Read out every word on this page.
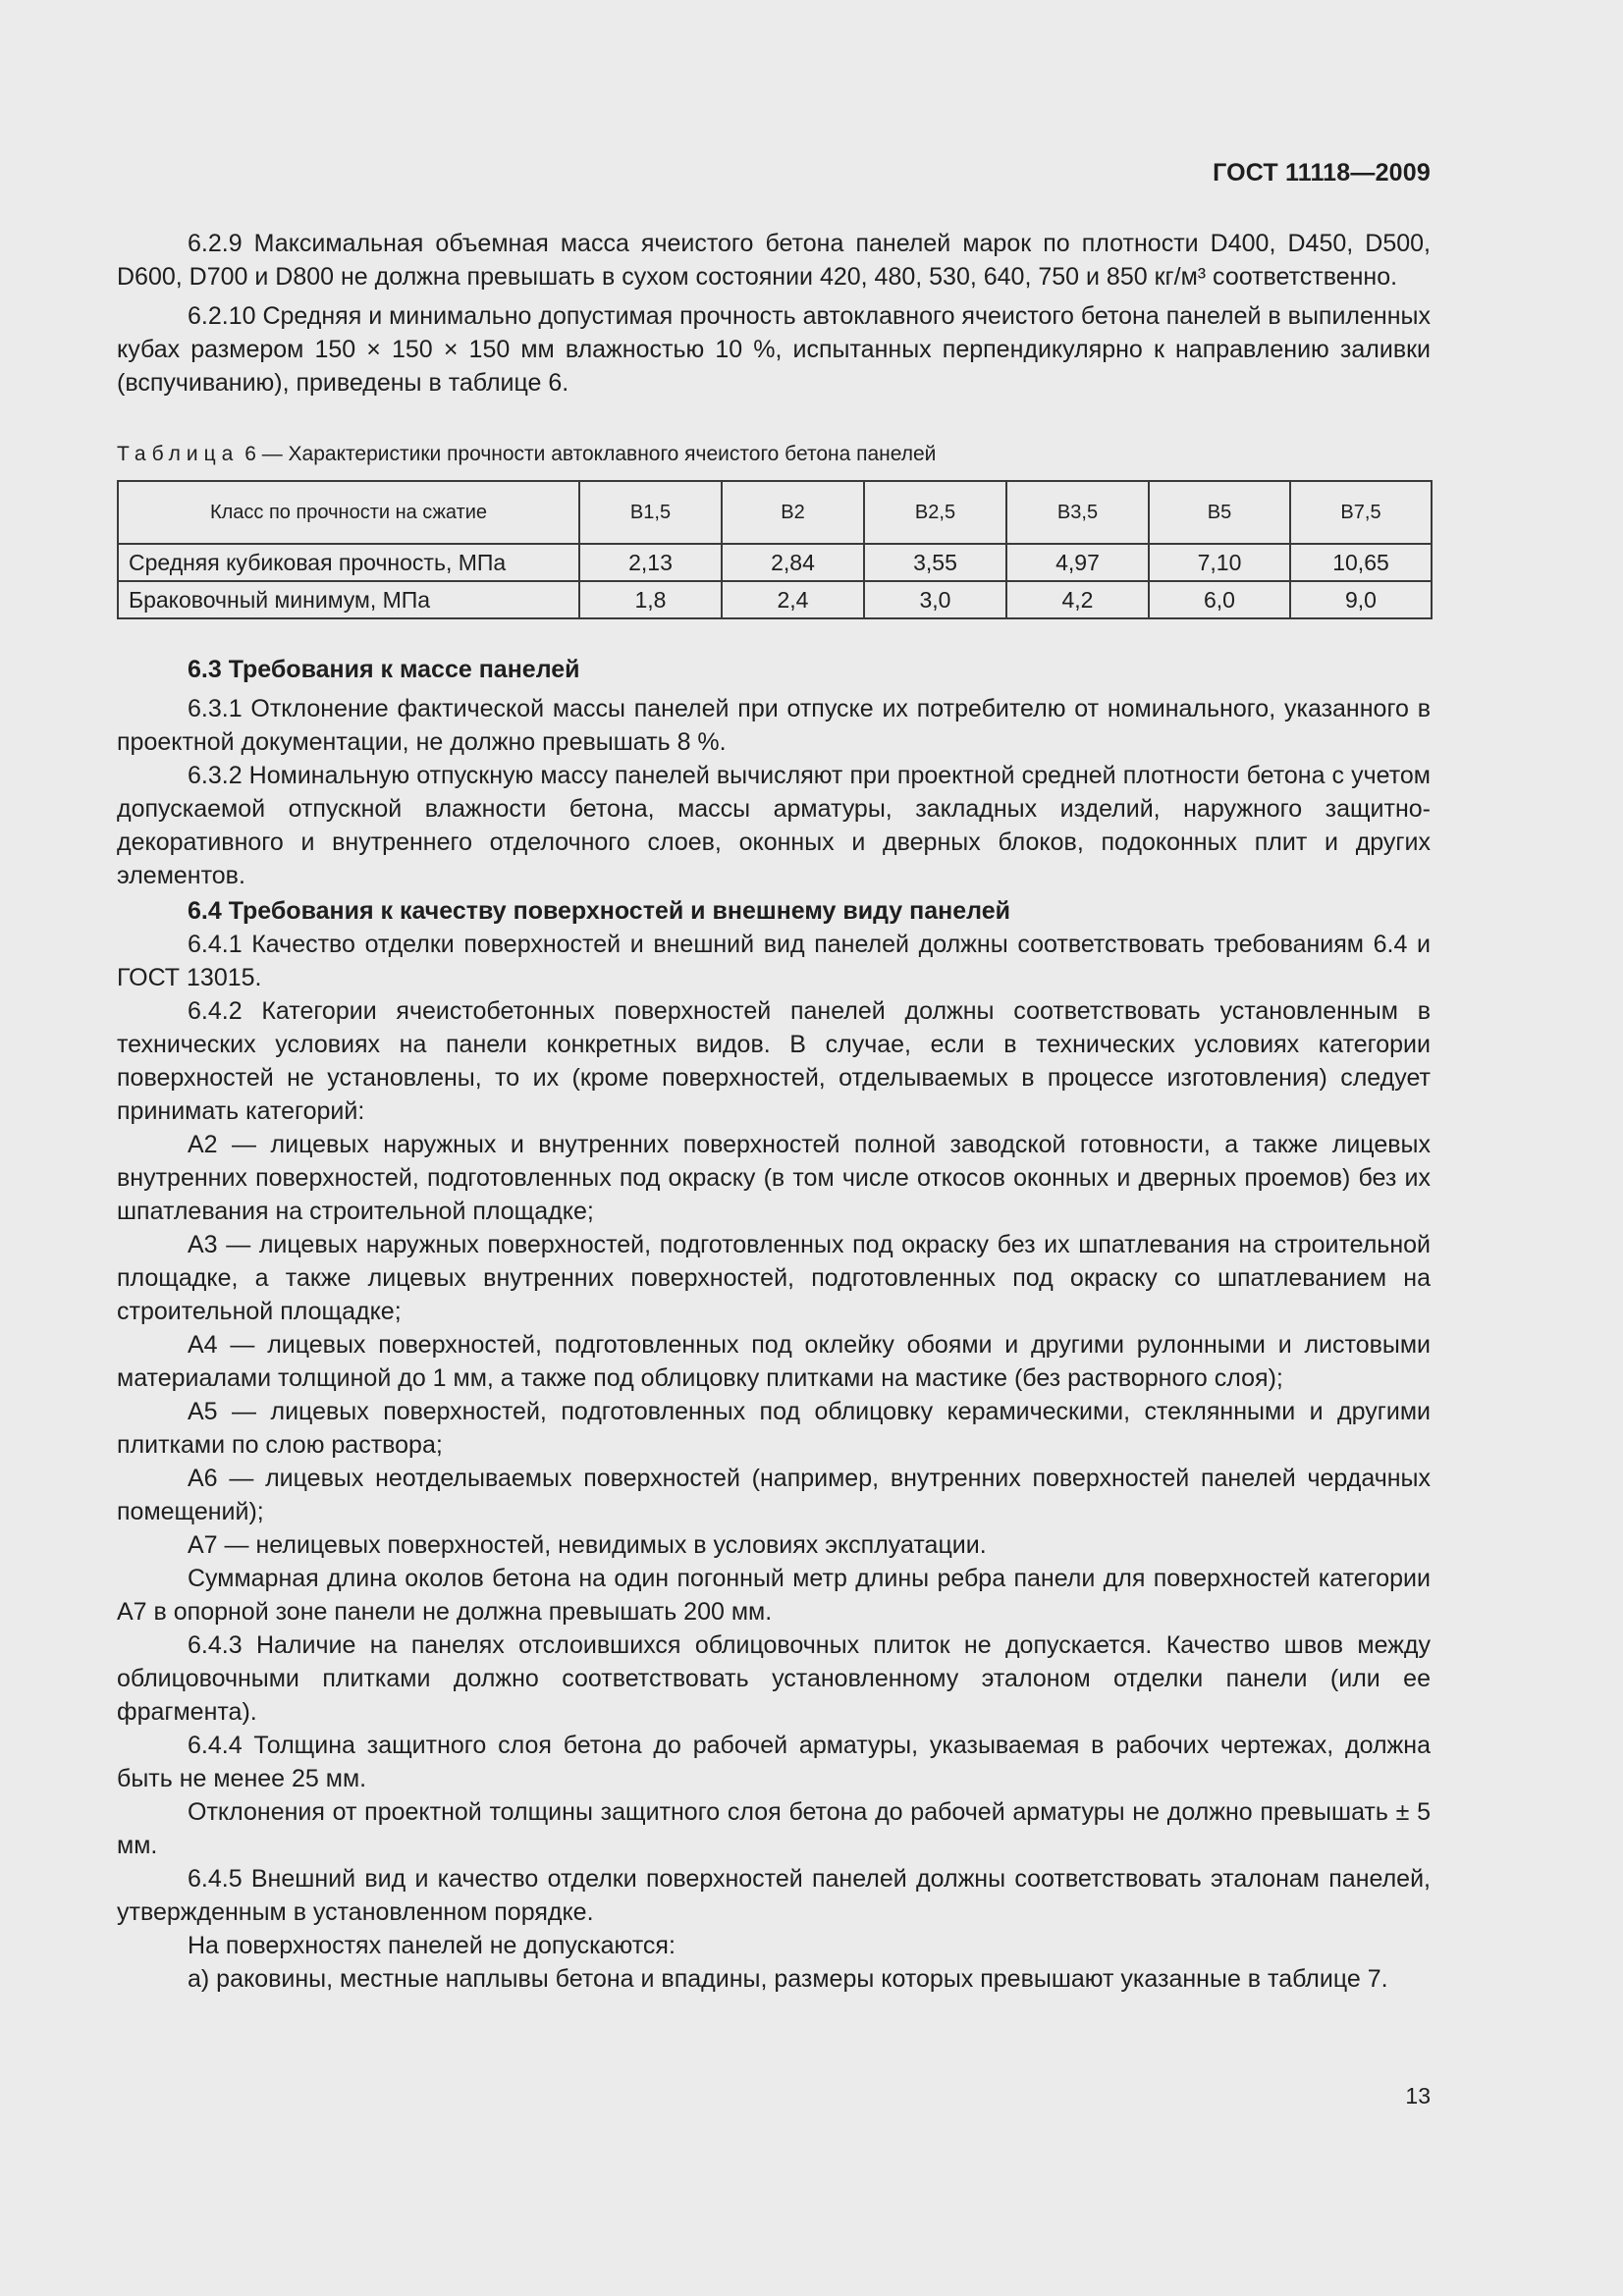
ГОСТ 11118—2009

6.2.9 Максимальная объемная масса ячеистого бетона панелей марок по плотности D400, D450, D500, D600, D700 и D800 не должна превышать в сухом состоянии 420, 480, 530, 640, 750 и 850 кг/м³ соответственно.

6.2.10 Средняя и минимально допустимая прочность автоклавного ячеистого бетона панелей в выпиленных кубах размером 150 × 150 × 150 мм влажностью 10 %, испытанных перпендикулярно к направлению заливки (вспучиванию), приведены в таблице 6.

Таблица 6 — Характеристики прочности автоклавного ячеистого бетона панелей
Класс по прочности на сжатие	B1,5	B2	B2,5	B3,5	B5	B7,5
Средняя кубиковая прочность, МПа	2,13	2,84	3,55	4,97	7,10	10,65
Браковочный минимум, МПа	1,8	2,4	3,0	4,2	6,0	9,0

6.3 Требования к массе панелей

6.3.1 Отклонение фактической массы панелей при отпуске их потребителю от номинального, указанного в проектной документации, не должно превышать 8 %.

6.3.2 Номинальную отпускную массу панелей вычисляют при проектной средней плотности бетона с учетом допускаемой отпускной влажности бетона, массы арматуры, закладных изделий, наружного защитно-декоративного и внутреннего отделочного слоев, оконных и дверных блоков, подоконных плит и других элементов.

6.4 Требования к качеству поверхностей и внешнему виду панелей

6.4.1 Качество отделки поверхностей и внешний вид панелей должны соответствовать требованиям 6.4 и ГОСТ 13015.

6.4.2 Категории ячеистобетонных поверхностей панелей должны соответствовать установленным в технических условиях на панели конкретных видов. В случае, если в технических условиях категории поверхностей не установлены, то их (кроме поверхностей, отделываемых в процессе изготовления) следует принимать категорий:

А2 — лицевых наружных и внутренних поверхностей полной заводской готовности, а также лицевых внутренних поверхностей, подготовленных под окраску (в том числе откосов оконных и дверных проемов) без их шпатлевания на строительной площадке;

А3 — лицевых наружных поверхностей, подготовленных под окраску без их шпатлевания на строительной площадке, а также лицевых внутренних поверхностей, подготовленных под окраску со шпатлеванием на строительной площадке;

А4 — лицевых поверхностей, подготовленных под оклейку обоями и другими рулонными и листовыми материалами толщиной до 1 мм, а также под облицовку плитками на мастике (без растворного слоя);

А5 — лицевых поверхностей, подготовленных под облицовку керамическими, стеклянными и другими плитками по слою раствора;

А6 — лицевых неотделываемых поверхностей (например, внутренних поверхностей панелей чердачных помещений);

А7 — нелицевых поверхностей, невидимых в условиях эксплуатации.

Суммарная длина околов бетона на один погонный метр длины ребра панели для поверхностей категории А7 в опорной зоне панели не должна превышать 200 мм.

6.4.3 Наличие на панелях отслоившихся облицовочных плиток не допускается. Качество швов между облицовочными плитками должно соответствовать установленному эталоном отделки панели (или ее фрагмента).

6.4.4 Толщина защитного слоя бетона до рабочей арматуры, указываемая в рабочих чертежах, должна быть не менее 25 мм.

Отклонения от проектной толщины защитного слоя бетона до рабочей арматуры не должно превышать ± 5 мм.

6.4.5 Внешний вид и качество отделки поверхностей панелей должны соответствовать эталонам панелей, утвержденным в установленном порядке.

На поверхностях панелей не допускаются:

а) раковины, местные наплывы бетона и впадины, размеры которых превышают указанные в таблице 7.

13
